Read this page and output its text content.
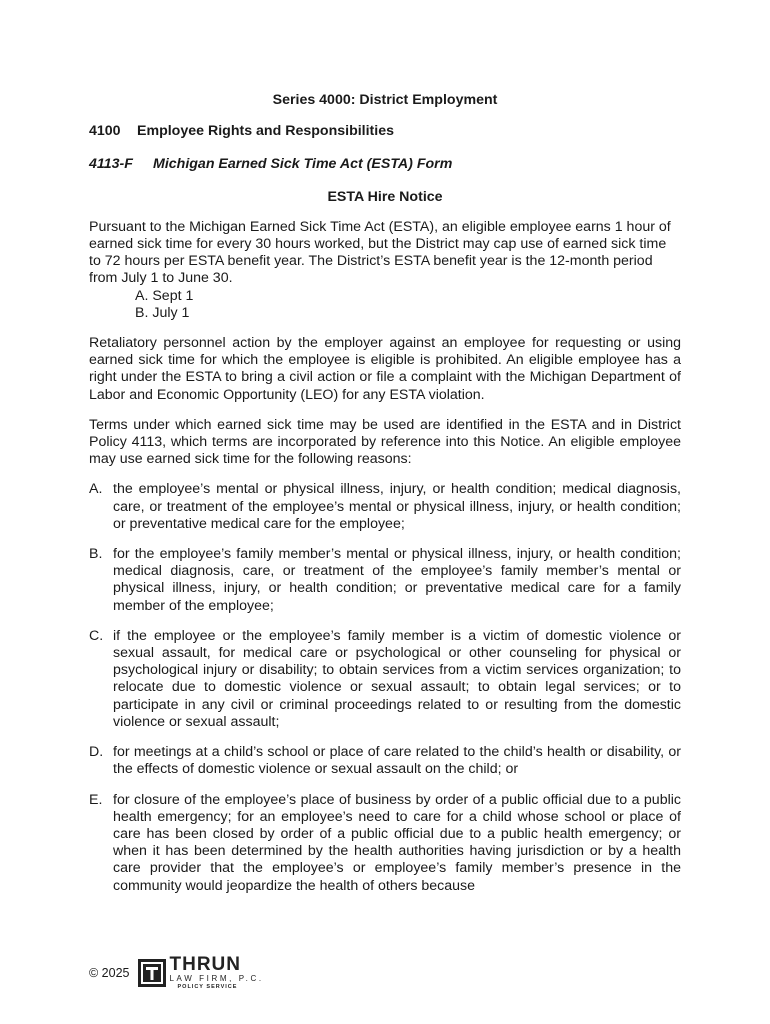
Series 4000: District Employment
4100 Employee Rights and Responsibilities
4113-F Michigan Earned Sick Time Act (ESTA) Form
ESTA Hire Notice

Pursuant to the Michigan Earned Sick Time Act (ESTA), an eligible employee earns 1 hour of earned sick time for every 30 hours worked, but the District may cap use of earned sick time to 72 hours per ESTA benefit year. The District’s ESTA benefit year is the 12-month period from July 1 to June 30.

A. Sept 1
B. July 1

Retaliatory personnel action by the employer against an employee for requesting or using earned sick time for which the employee is eligible is prohibited. An eligible employee has a right under the ESTA to bring a civil action or file a complaint with the Michigan Department of Labor and Economic Opportunity (LEO) for any ESTA violation.

Terms under which earned sick time may be used are identified in the ESTA and in District Policy 4113, which terms are incorporated by reference into this Notice. An eligible employee may use earned sick time for the following reasons:

A. the employee’s mental or physical illness, injury, or health condition; medical diagnosis, care, or treatment of the employee’s mental or physical illness, injury, or health condition; or preventative medical care for the employee;
B. for the employee’s family member’s mental or physical illness, injury, or health condition; medical diagnosis, care, or treatment of the employee’s family member’s mental or physical illness, injury, or health condition; or preventative medical care for a family member of the employee;
C. if the employee or the employee’s family member is a victim of domestic violence or sexual assault, for medical care or psychological or other counseling for physical or psychological injury or disability; to obtain services from a victim services organization; to relocate due to domestic violence or sexual assault; to obtain legal services; or to participate in any civil or criminal proceedings related to or resulting from the domestic violence or sexual assault;
D. for meetings at a child’s school or place of care related to the child’s health or disability, or the effects of domestic violence or sexual assault on the child; or
E. for closure of the employee’s place of business by order of a public official due to a public health emergency; for an employee’s need to care for a child whose school or place of care has been closed by order of a public official due to a public health emergency; or when it has been determined by the health authorities having jurisdiction or by a health care provider that the employee’s or employee’s family member’s presence in the community would jeopardize the health of others because
© 2025 THRUN
LAW FIRM, P.C.
POLICY SERVICE
